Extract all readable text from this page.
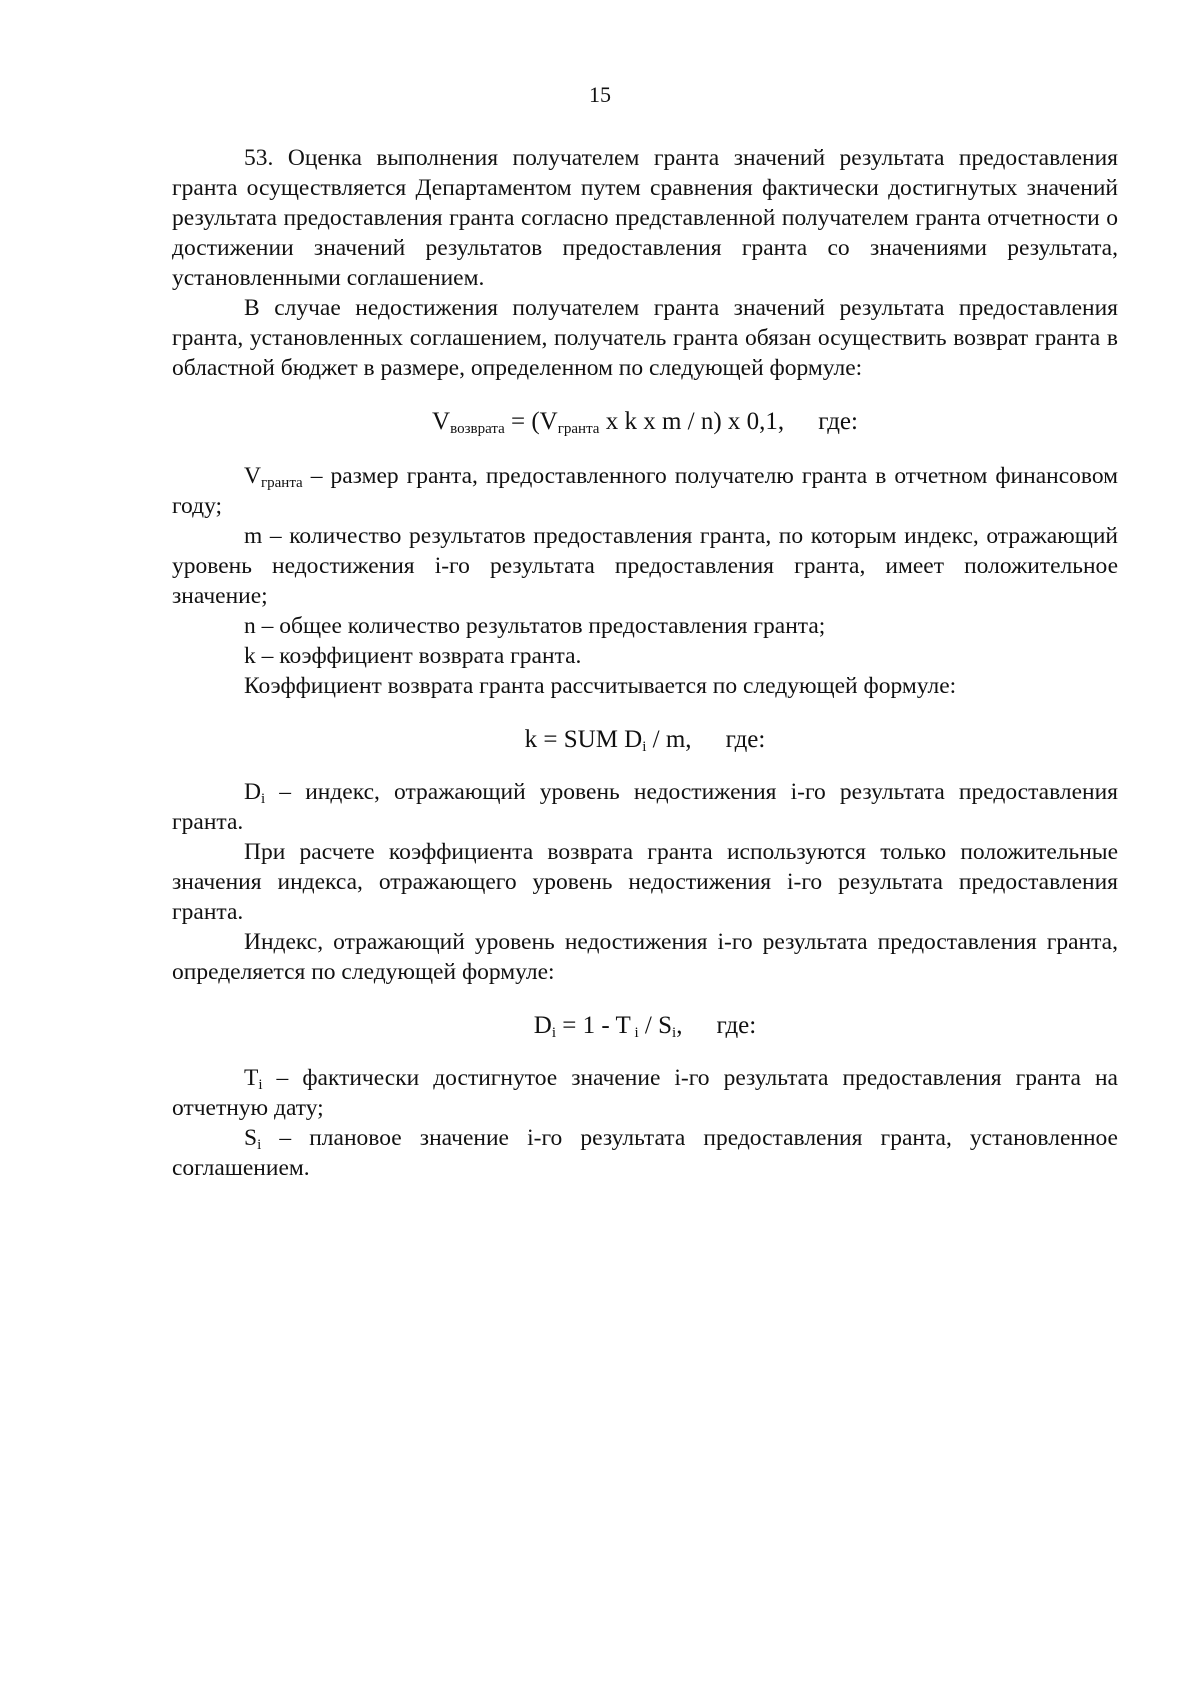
15

53. Оценка выполнения получателем гранта значений результата предоставления гранта осуществляется Департаментом путем сравнения фактически достигнутых значений результата предоставления гранта согласно представленной получателем гранта отчетности о достижении значений результатов предоставления гранта со значениями результата, установленными соглашением.

В случае недостижения получателем гранта значений результата предоставления гранта, установленных соглашением, получатель гранта обязан осуществить возврат гранта в областной бюджет в размере, определенном по следующей формуле:

$V_{возврата} = (V_{гранта}$ x k x m / n) x 0,1, где:

$V_{гранта}$ – размер гранта, предоставленного получателю гранта в отчетном финансовом году;

m – количество результатов предоставления гранта, по которым индекс, отражающий уровень недостижения i-го результата предоставления гранта, имеет положительное значение;

n – общее количество результатов предоставления гранта;

k – коэффициент возврата гранта.

Коэффициент возврата гранта рассчитывается по следующей формуле:

k = SUM $D_i$ / m, где:

$D_i$ – индекс, отражающий уровень недостижения i-го результата предоставления гранта.

При расчете коэффициента возврата гранта используются только положительные значения индекса, отражающего уровень недостижения i-го результата предоставления гранта.

Индекс, отражающий уровень недостижения i-го результата предоставления гранта, определяется по следующей формуле:

$D_i = 1 - T$ $_i / S_i$, где:

$T_i$ – фактически достигнутое значение i-го результата предоставления гранта на отчетную дату;

$S_i$ – плановое значение i-го результата предоставления гранта, установленное соглашением.
